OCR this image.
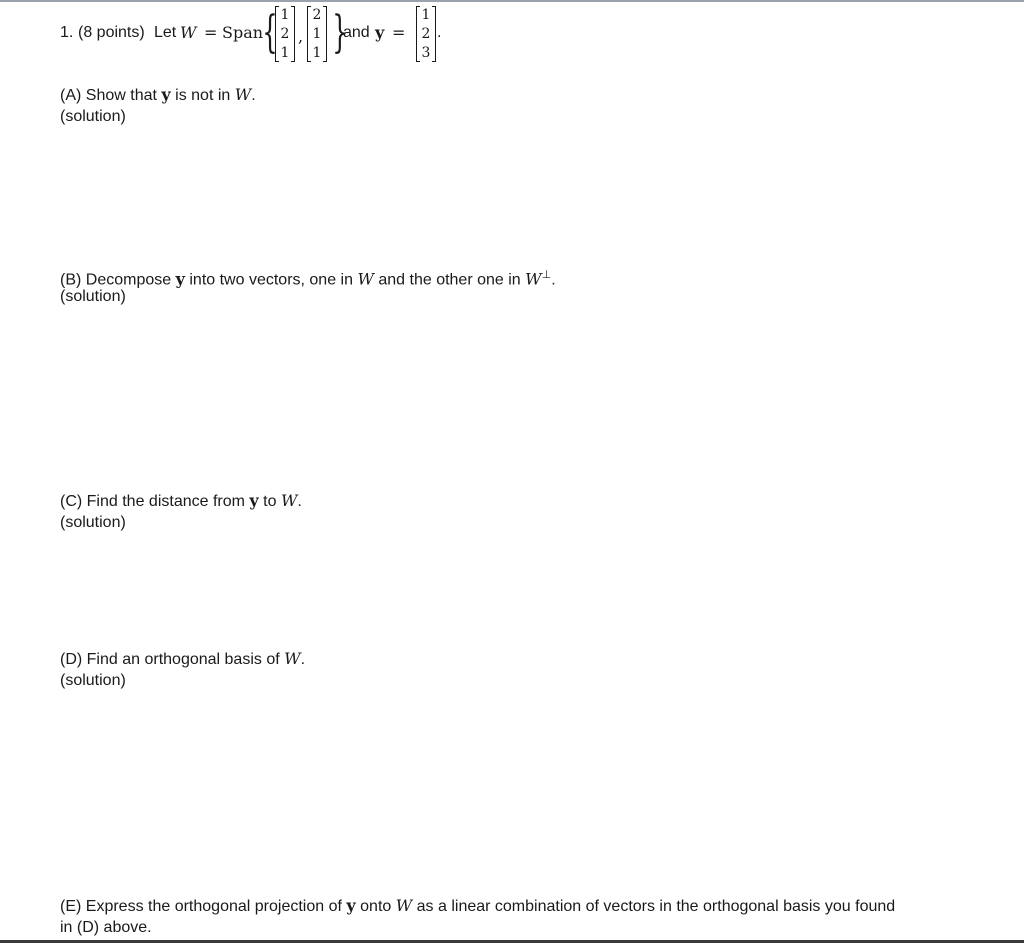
1. (8 points) Let W = Span { 1
2
1
,
2
1
1 }
and y =
1
2
3
.
(A) Show that y is not in W.
(solution)
(B) Decompose y into two vectors, one in W and the other one in W⊥.
(solution)
(C) Find the distance from y to W.
(solution)
(D) Find an orthogonal basis of W.
(solution)
(E) Express the orthogonal projection of y onto W as a linear combination of vectors in the orthogonal basis you found
in (D) above.
